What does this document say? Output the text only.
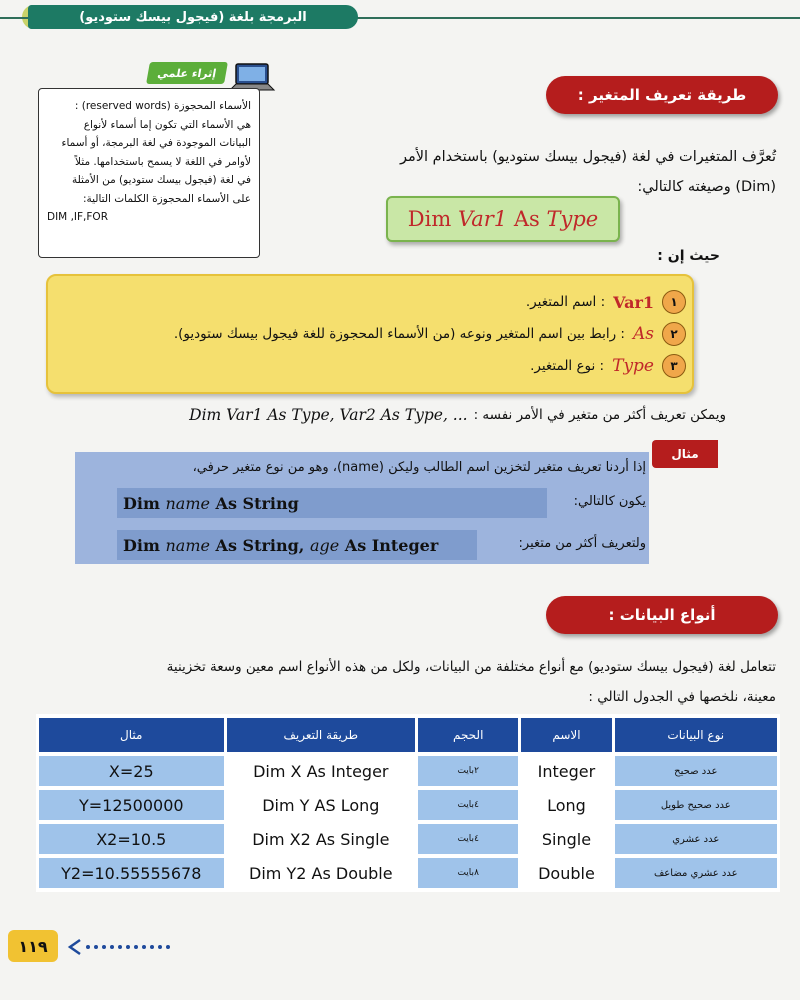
البرمجة بلغة (فيجول بيسك ستوديو)
إثراء علمي
الأسماء المحجوزة (reserved words) :
هي الأسماء التي تكون إما أسماء لأنواع
البيانات الموجودة في لغة البرمجة، أو أسماء
لأوامر في اللغة لا يسمح باستخدامها. مثلاً
في لغة (فيجول بيسك ستوديو) من الأمثلة
على الأسماء المحجوزة الكلمات التالية:
DIM ,IF,FOR
طريقة تعريف المتغير :
تُعرَّف المتغيرات في لغة (فيجول بيسك ستوديو) باستخدام الأمر
(Dim) وصيغته كالتالي:
Dim
Var1
As
Type
حيث إن :
١
Var1
: اسم المتغير.
٢
As
: رابط بين اسم المتغير ونوعه (من الأسماء المحجوزة للغة فيجول بيسك ستوديو).
٣
Type
: نوع المتغير.
ويمكن تعريف أكثر من متغير في الأمر نفسه :
Dim Var1 As Type, Var2 As Type, ...
مثال
إذا أردنا تعريف متغير لتخزين اسم الطالب وليكن (name)، وهو من نوع متغير حرفي،
يكون كالتالي:
Dim
name
As String
ولتعريف أكثر من متغير:
Dim
name
As String,
age
As Integer
أنواع البيانات :
تتعامل لغة (فيجول بيسك ستوديو) مع أنواع مختلفة من البيانات، ولكل من هذه الأنواع اسم معين وسعة تخزينية
معينة، نلخصها في الجدول التالي :
نوع البيانات	الاسم	الحجم	طريقة التعريف	مثال
عدد صحيح	Integer	٢بايت	Dim X As Integer	X=25
عدد صحيح طويل	Long	٤بايت	Dim Y AS Long	Y=12500000
عدد عشري	Single	٤بايت	Dim X2 As Single	X2=10.5
عدد عشري مضاعف	Double	٨بايت	Dim Y2 As Double	Y2=10.55555678
١١٩
